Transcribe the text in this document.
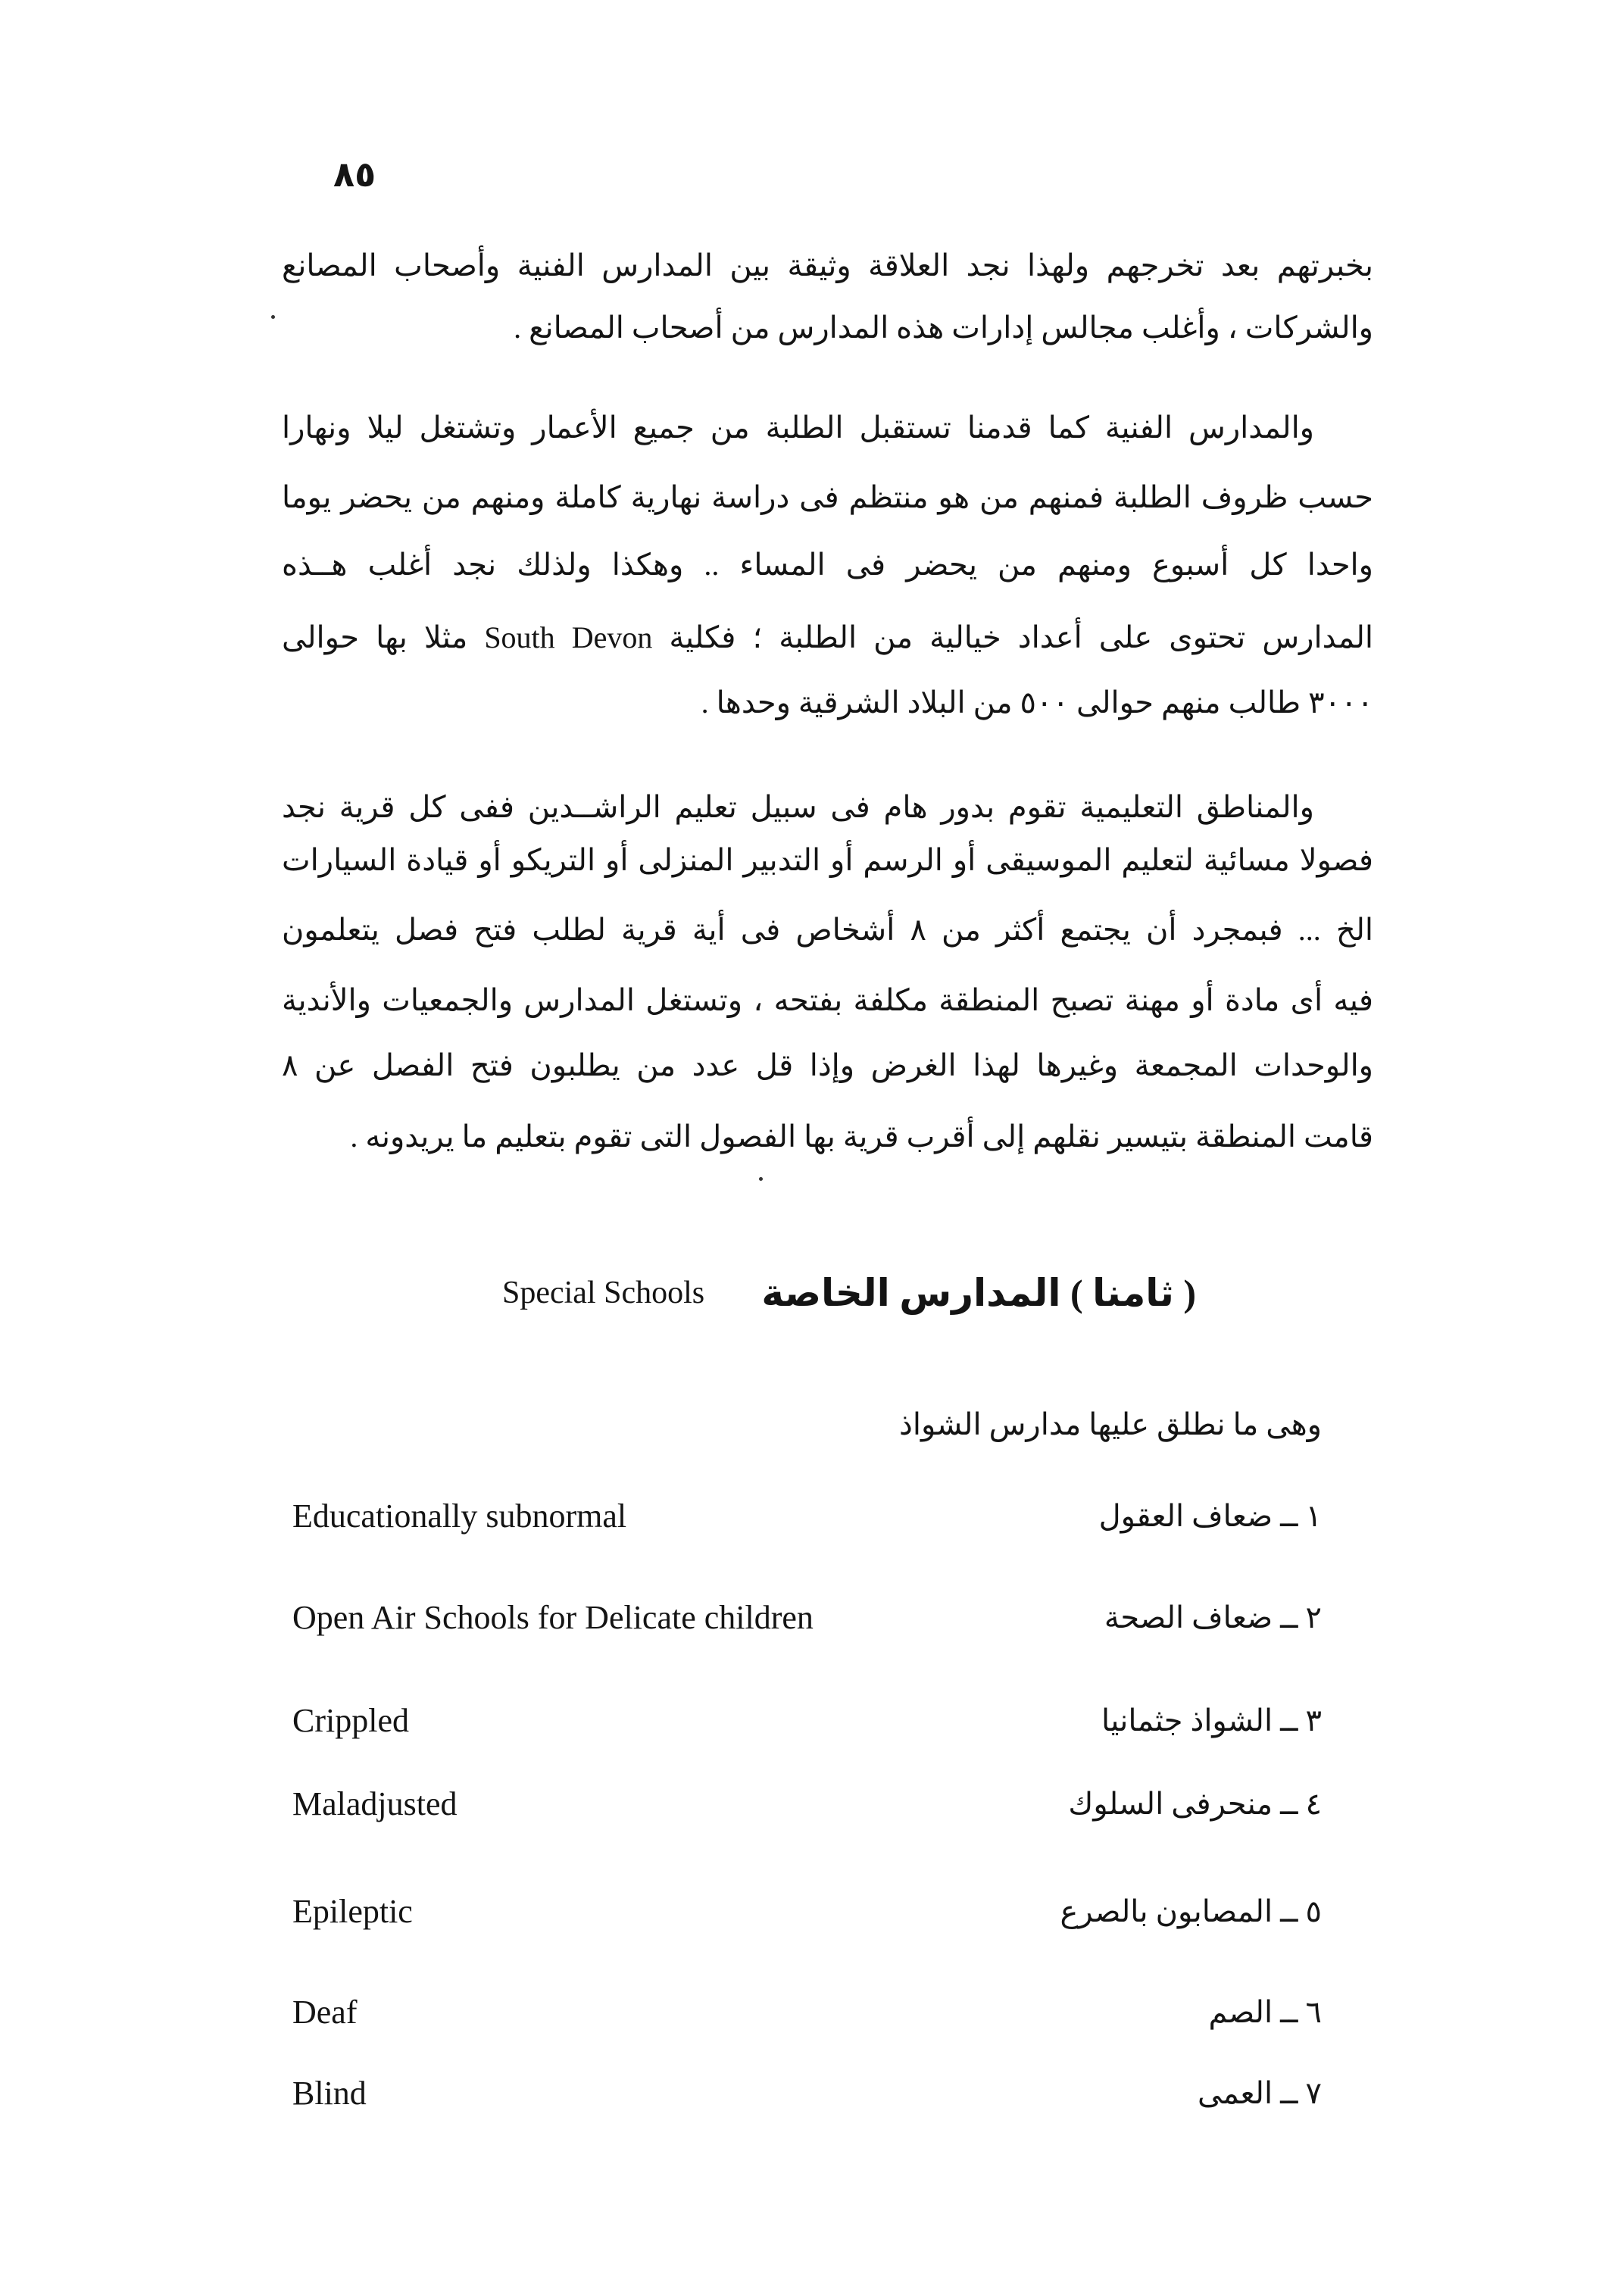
٨٥
بخبرتهم بعد تخرجهم ولهذا نجد العلاقة وثيقة بين المدارس الفنية وأصحاب المصانع
والشركات ، وأغلب مجالس إدارات هذه المدارس من أصحاب المصانع .
والمدارس الفنية كما قدمنا تستقبل الطلبة من جميع الأعمار وتشتغل ليلا ونهارا
حسب ظروف الطلبة فمنهم من هو منتظم فى دراسة نهارية كاملة ومنهم من يحضر يوما
واحدا كل أسبوع ومنهم من يحضر فى المساء .. وهكذا ولذلك نجد أغلب هــذه
المدارس تحتوى على أعداد خيالية من الطلبة ؛ فكلية South Devon مثلا بها حوالى
٣٠٠٠ طالب منهم حوالى ٥٠٠ من البلاد الشرقية وحدها .
والمناطق التعليمية تقوم بدور هام فى سبيل تعليم الراشــدين ففى كل قرية نجد
فصولا مسائية لتعليم الموسيقى أو الرسم أو التدبير المنزلى أو التريكو أو قيادة السيارات
الخ ... فبمجرد أن يجتمع أكثر من ٨ أشخاص فى أية قرية لطلب فتح فصل يتعلمون
فيه أى مادة أو مهنة تصبح المنطقة مكلفة بفتحه ، وتستغل المدارس والجمعيات والأندية
والوحدات المجمعة وغيرها لهذا الغرض وإذا قل عدد من يطلبون فتح الفصل عن ٨
قامت المنطقة بتيسير نقلهم إلى أقرب قرية بها الفصول التى تقوم بتعليم ما يريدونه .
Special Schools ( ثامنا ) المدارس الخاصة
وهى ما نطلق عليها مدارس الشواذ
Educationally subnormal	١ ــ ضعاف العقول
Open Air Schools for Delicate children	٢ ــ ضعاف الصحة
Crippled	٣ ــ الشواذ جثمانيا
Maladjusted	٤ ــ منحرفى السلوك
Epileptic	٥ ــ المصابون بالصرع
Deaf	٦ ــ الصم
Blind	٧ ــ العمى
